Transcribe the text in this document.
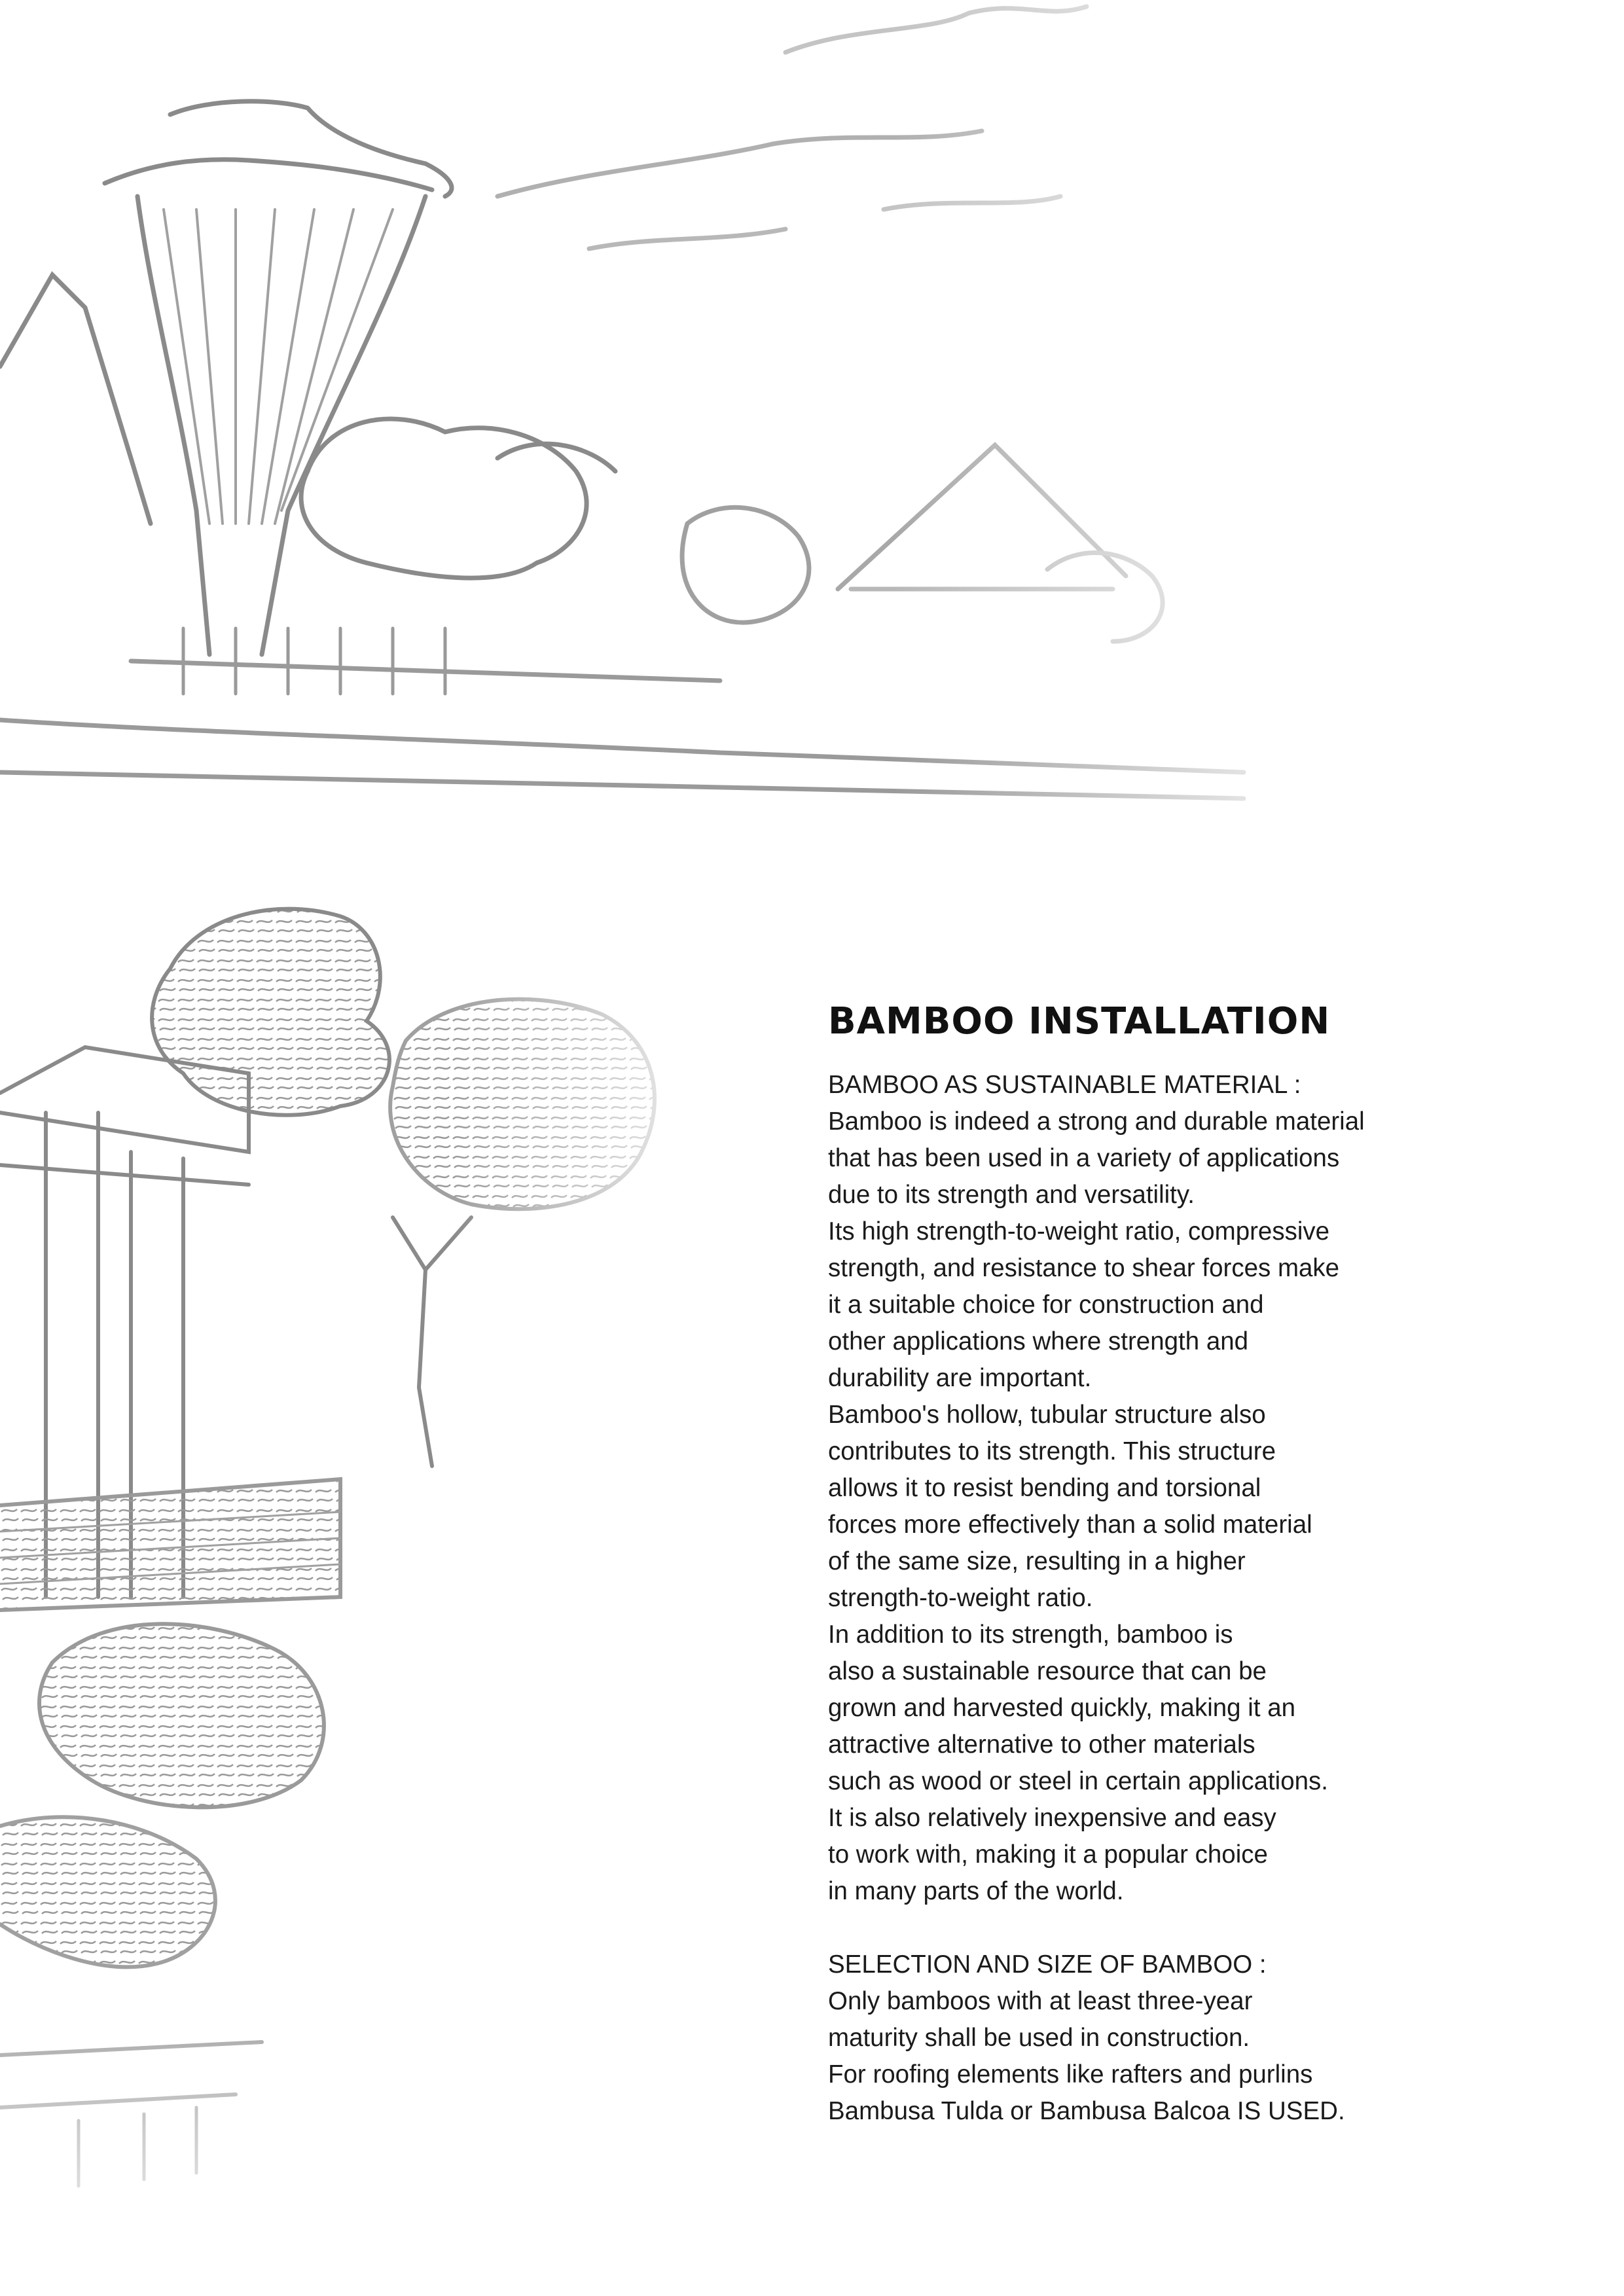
BAMBOO INSTALLATION

BAMBOO AS SUSTAINABLE MATERIAL :

Bamboo is indeed a strong and durable material

that has been used in a variety of applications

due to its strength and versatility.

Its high strength-to-weight ratio, compressive

strength, and resistance to shear forces make

it a suitable choice for construction and

other applications where strength and

durability are important.

Bamboo's hollow, tubular structure also

contributes to its strength. This structure

allows it to resist bending and torsional

forces more effectively than a solid material

of the same size, resulting in a higher

strength-to-weight ratio.

In addition to its strength, bamboo is

also a sustainable resource that can be

grown and harvested quickly, making it an

attractive alternative to other materials

such as wood or steel in certain applications.

It is also relatively inexpensive and easy

to work with, making it a popular choice

in many parts of the world.

SELECTION AND SIZE OF BAMBOO :

Only bamboos with at least three-year

maturity shall be used in construction.

For roofing elements like rafters and purlins

Bambusa Tulda or Bambusa Balcoa IS USED.
